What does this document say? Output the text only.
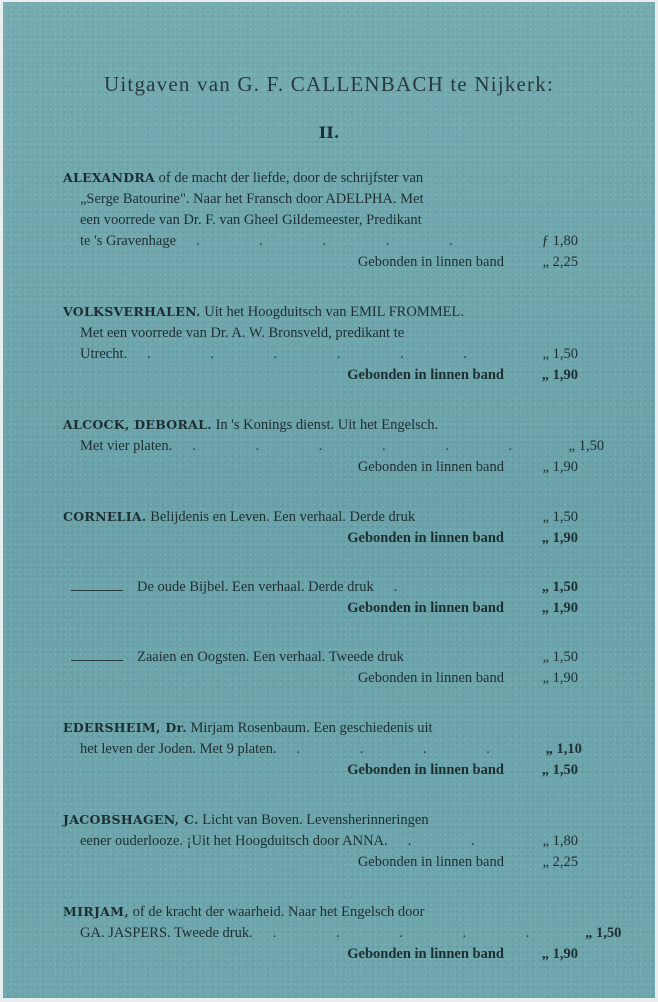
Uitgaven van G. F. CALLENBACH te Nijkerk:
II.
ALEXANDRA of de macht der liefde, door de schrijfster van
„Serge Batourine". Naar het Fransch door ADELPHA. Met
een voorrede van Dr. F. van Gheel Gildemeester, Predikant
te 's Gravenhage	. . . . .	ƒ 1,80
Gebonden in linnen band	„ 2,25
VOLKSVERHALEN. Uit het Hoogduitsch van EMIL FROMMEL.
Met een voorrede van Dr. A. W. Bronsveld, predikant te
Utrecht.	. . . . . .	„ 1,50
Gebonden in linnen band	„ 1,90
ALCOCK, DEBORAL. In 's Konings dienst. Uit het Engelsch.
Met vier platen.	. . . . . .	„ 1,50
Gebonden in linnen band	„ 1,90
CORNELIA. Belijdenis en Leven. Een verhaal. Derde druk	„ 1,50
Gebonden in linnen band	„ 1,90
De oude Bijbel. Een verhaal. Derde druk	.	„ 1,50
Gebonden in linnen band	„ 1,90
Zaaien en Oogsten. Een verhaal. Tweede druk	„ 1,50
Gebonden in linnen band	„ 1,90
EDERSHEIM, Dr. Mirjam Rosenbaum. Een geschiedenis uit
het leven der Joden. Met 9 platen.	. . . .	„ 1,10
Gebonden in linnen band	„ 1,50
JACOBSHAGEN, C. Licht van Boven. Levensherinneringen
eener ouderlooze. ¡Uit het Hoogduitsch door ANNA.	. .	„ 1,80
Gebonden in linnen band	„ 2,25
MIRJAM, of de kracht der waarheid. Naar het Engelsch door
GA. JASPERS. Tweede druk.	. . . . .	„ 1,50
Gebonden in linnen band	„ 1,90
